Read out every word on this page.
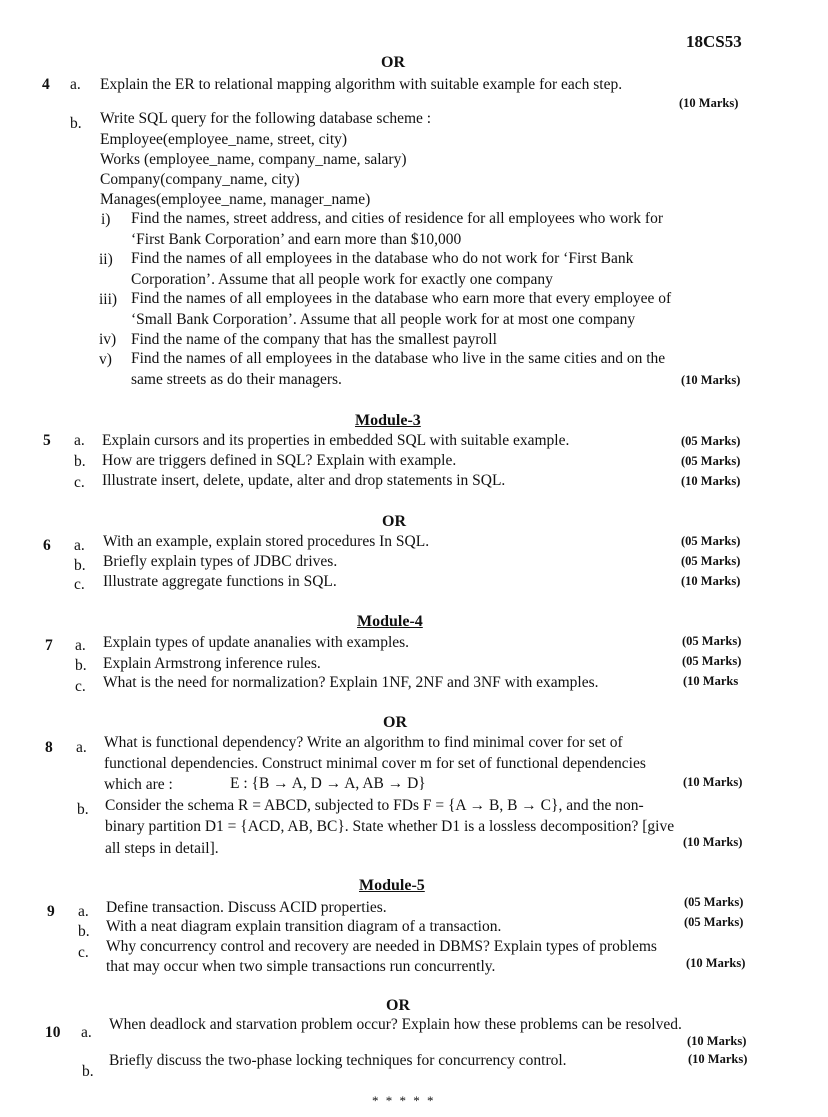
18CS53
OR
4 a. Explain the ER to relational mapping algorithm with suitable example for each step.
(10 Marks)
b. Write SQL query for the following database scheme :
Employee(employee_name, street, city)
Works (employee_name, company_name, salary)
Company(company_name, city)
Manages(employee_name, manager_name)
i) Find the names, street address, and cities of residence for all employees who work for
‘First Bank Corporation’ and earn more than $10,000
ii) Find the names of all employees in the database who do not work for ‘First Bank
Corporation’. Assume that all people work for exactly one company
iii) Find the names of all employees in the database who earn more that every employee of
‘Small Bank Corporation’. Assume that all people work for at most one company
iv) Find the name of the company that has the smallest payroll
v) Find the names of all employees in the database who live in the same cities and on the
same streets as do their managers.	(10 Marks)
Module-3
5 a. Explain cursors and its properties in embedded SQL with suitable example.	(05 Marks)
b. How are triggers defined in SQL? Explain with example.	(05 Marks)
c. Illustrate insert, delete, update, alter and drop statements in SQL.	(10 Marks)
OR
6 a. With an example, explain stored procedures In SQL.	(05 Marks)
b. Briefly explain types of JDBC drives.	(05 Marks)
c. Illustrate aggregate functions in SQL.	(10 Marks)
Module-4
7 a. Explain types of update ananalies with examples.	(05 Marks)
b. Explain Armstrong inference rules.	(05 Marks)
c. What is the need for normalization? Explain 1NF, 2NF and 3NF with examples.	(10 Marks
OR
8 a. What is functional dependency? Write an algorithm to find minimal cover for set of
functional dependencies. Construct minimal cover m for set of functional dependencies
which are :	E : {B → A, D → A, AB → D}	(10 Marks)
b. Consider the schema R = ABCD, subjected to FDs F = {A → B, B → C}, and the non-
binary partition D1 = {ACD, AB, BC}. State whether D1 is a lossless decomposition? [give
all steps in detail].	(10 Marks)
Module-5
9 a. Define transaction. Discuss ACID properties.	(05 Marks)
b. With a neat diagram explain transition diagram of a transaction.	(05 Marks)
c. Why concurrency control and recovery are needed in DBMS? Explain types of problems
that may occur when two simple transactions run concurrently.	(10 Marks)
OR
10 a. When deadlock and starvation problem occur? Explain how these problems can be resolved.
(10 Marks)
b.
Briefly discuss the two-phase locking techniques for concurrency control.	(10 Marks)
* * * * *
